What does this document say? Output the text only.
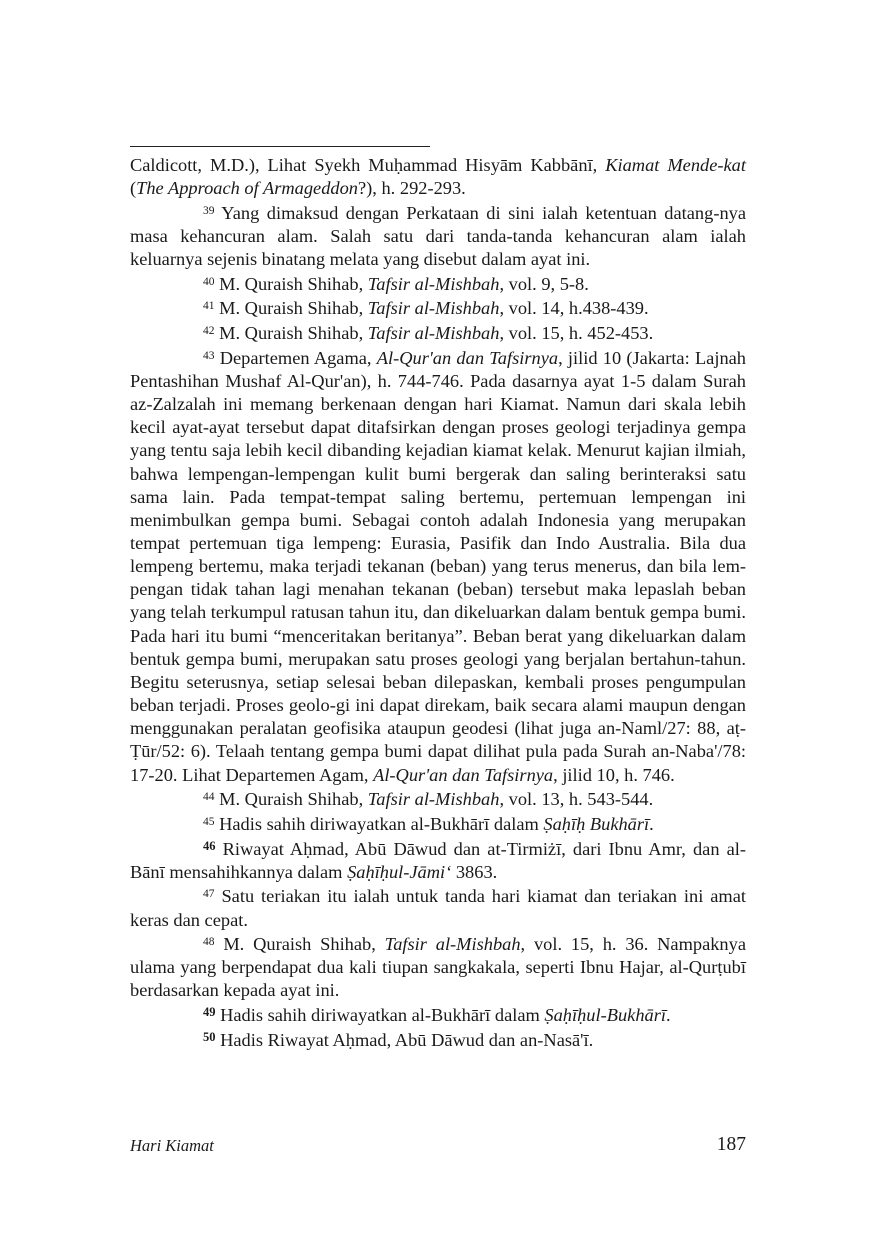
Caldicott, M.D.), Lihat Syekh Muḥammad Hisyām Kabbānī, Kiamat Mende-kat (The Approach of Armageddon?), h. 292-293.

$^{39}$ Yang dimaksud dengan Perkataan di sini ialah ketentuan datang-nya masa kehancuran alam. Salah satu dari tanda-tanda kehancuran alam ialah keluarnya sejenis binatang melata yang disebut dalam ayat ini.

$^{40}$ M. Quraish Shihab, Tafsir al-Mishbah, vol. 9, 5-8.

$^{41}$ M. Quraish Shihab, Tafsir al-Mishbah, vol. 14, h.438-439.

$^{42}$ M. Quraish Shihab, Tafsir al-Mishbah, vol. 15, h. 452-453.

$^{43}$ Departemen Agama, Al-Qur'an dan Tafsirnya, jilid 10 (Jakarta: Lajnah Pentashihan Mushaf Al-Qur'an), h. 744-746. Pada dasarnya ayat 1-5 dalam Surah az-Zalzalah ini memang berkenaan dengan hari Kiamat. Namun dari skala lebih kecil ayat-ayat tersebut dapat ditafsirkan dengan proses geologi terjadinya gempa yang tentu saja lebih kecil dibanding kejadian kiamat kelak. Menurut kajian ilmiah, bahwa lempengan-lempengan kulit bumi bergerak dan saling berinteraksi satu sama lain. Pada tempat-tempat saling bertemu, pertemuan lempengan ini menimbulkan gempa bumi. Sebagai contoh adalah Indonesia yang merupakan tempat pertemuan tiga lempeng: Eurasia, Pasifik dan Indo Australia. Bila dua lempeng bertemu, maka terjadi tekanan (beban) yang terus menerus, dan bila lem-pengan tidak tahan lagi menahan tekanan (beban) tersebut maka lepaslah beban yang telah terkumpul ratusan tahun itu, dan dikeluarkan dalam bentuk gempa bumi. Pada hari itu bumi “menceritakan beritanya”. Beban berat yang dikeluarkan dalam bentuk gempa bumi, merupakan satu proses geologi yang berjalan bertahun-tahun. Begitu seterusnya, setiap selesai beban dilepaskan, kembali proses pengumpulan beban terjadi. Proses geolo-gi ini dapat direkam, baik secara alami maupun dengan menggunakan peralatan geofisika ataupun geodesi (lihat juga an-Naml/27: 88, aṭ-Ṭūr/52: 6). Telaah tentang gempa bumi dapat dilihat pula pada Surah an-Naba'/78: 17-20. Lihat Departemen Agam, Al-Qur'an dan Tafsirnya, jilid 10, h. 746.

$^{44}$ M. Quraish Shihab, Tafsir al-Mishbah, vol. 13, h. 543-544.

$^{45}$ Hadis sahih diriwayatkan al-Bukhārī dalam Ṣaḥīḥ Bukhārī.

$^{46}$ Riwayat Aḥmad, Abū Dāwud dan at-Tirmiżī, dari Ibnu Amr, dan al-Bānī mensahihkannya dalam Ṣaḥīḥul-Jāmi‘ 3863.

$^{47}$ Satu teriakan itu ialah untuk tanda hari kiamat dan teriakan ini amat keras dan cepat.

$^{48}$ M. Quraish Shihab, Tafsir al-Mishbah, vol. 15, h. 36. Nampaknya ulama yang berpendapat dua kali tiupan sangkakala, seperti Ibnu Hajar, al-Qurṭubī berdasarkan kepada ayat ini.

$^{49}$ Hadis sahih diriwayatkan al-Bukhārī dalam Ṣaḥīḥul-Bukhārī.

$^{50}$ Hadis Riwayat Aḥmad, Abū Dāwud dan an-Nasā'ī.

Hari Kiamat	187
